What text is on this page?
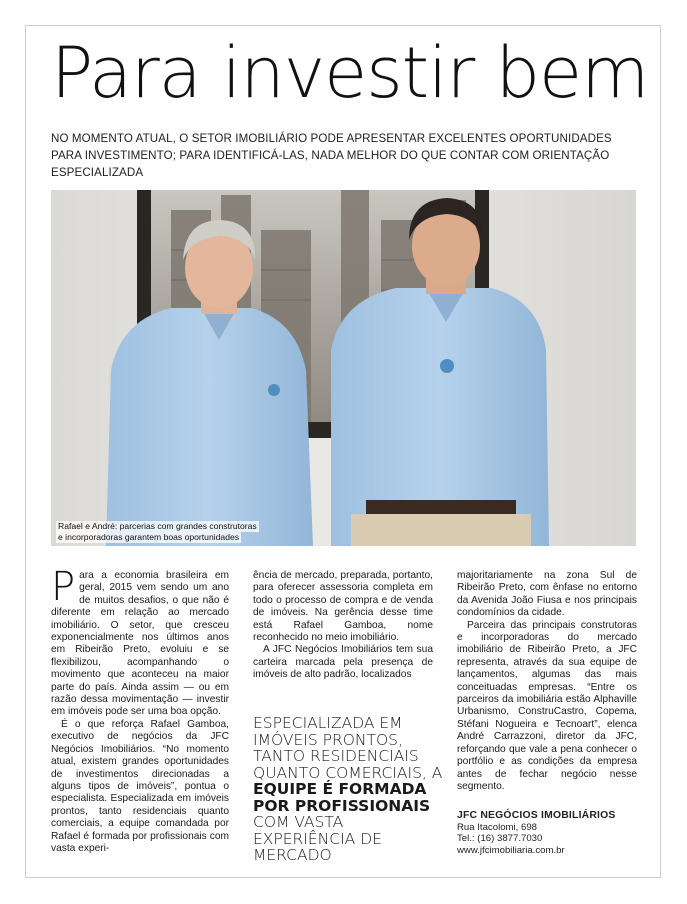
Para investir bem
NO MOMENTO ATUAL, O SETOR IMOBILIÁRIO PODE APRESENTAR EXCELENTES OPORTUNIDADES PARA INVESTIMENTO; PARA IDENTIFICÁ-LAS, NADA MELHOR DO QUE CONTAR COM ORIENTAÇÃO ESPECIALIZADA
Rafael e André: parcerias com grandes construtoras
e incorporadoras garantem boas oportunidades
P ara a economia brasileira em geral, 2015 vem sendo um ano de muitos desafios, o que não é diferente em relação ao mercado imobiliário. O setor, que cresceu exponencialmente nos últimos anos em Ribeirão Preto, evoluiu e se flexibilizou, acompanhando o movimento que aconteceu na maior parte do país. Ainda assim — ou em razão dessa movimentação — investir em imóveis pode ser uma boa opção.

É o que reforça Rafael Gamboa, executivo de negócios da JFC Negócios Imobiliários. “No momento atual, existem grandes oportunidades de investimentos direcionadas a alguns tipos de imóveis”, pontua o especialista. Especializada em imóveis prontos, tanto residenciais quanto comerciais, a equipe comandada por Rafael é formada por profissionais com vasta experi-

ência de mercado, preparada, portanto, para oferecer assessoria completa em todo o processo de compra e de venda de imóveis. Na gerência desse time está Rafael Gamboa, nome reconhecido no meio imobiliário.

A JFC Negócios Imobiliários tem sua carteira marcada pela presença de imóveis de alto padrão, localizados

ESPECIALIZADA EM IMÓVEIS PRONTOS, TANTO RESIDENCIAIS QUANTO COMERCIAIS, A EQUIPE É FORMADA POR PROFISSIONAIS COM VASTA EXPERIÊNCIA DE MERCADO

majoritariamente na zona Sul de Ribeirão Preto, com ênfase no entorno da Avenida João Fiusa e nos principais condomínios da cidade.

Parceira das principais construtoras e incorporadoras do mercado imobiliário de Ribeirão Preto, a JFC representa, através da sua equipe de lançamentos, algumas das mais conceituadas empresas. “Entre os parceiros da imobiliária estão Alphaville Urbanismo, ConstruCastro, Copema, Stéfani Nogueira e Tecnoart”, elenca André Carrazzoni, diretor da JFC, reforçando que vale a pena conhecer o portfólio e as condições da empresa antes de fechar negócio nesse segmento.

JFC NEGÓCIOS IMOBILIÁRIOS
Rua Itacolomi, 698
Tel.: (16) 3877.7030
www.jfcimobiliaria.com.br
